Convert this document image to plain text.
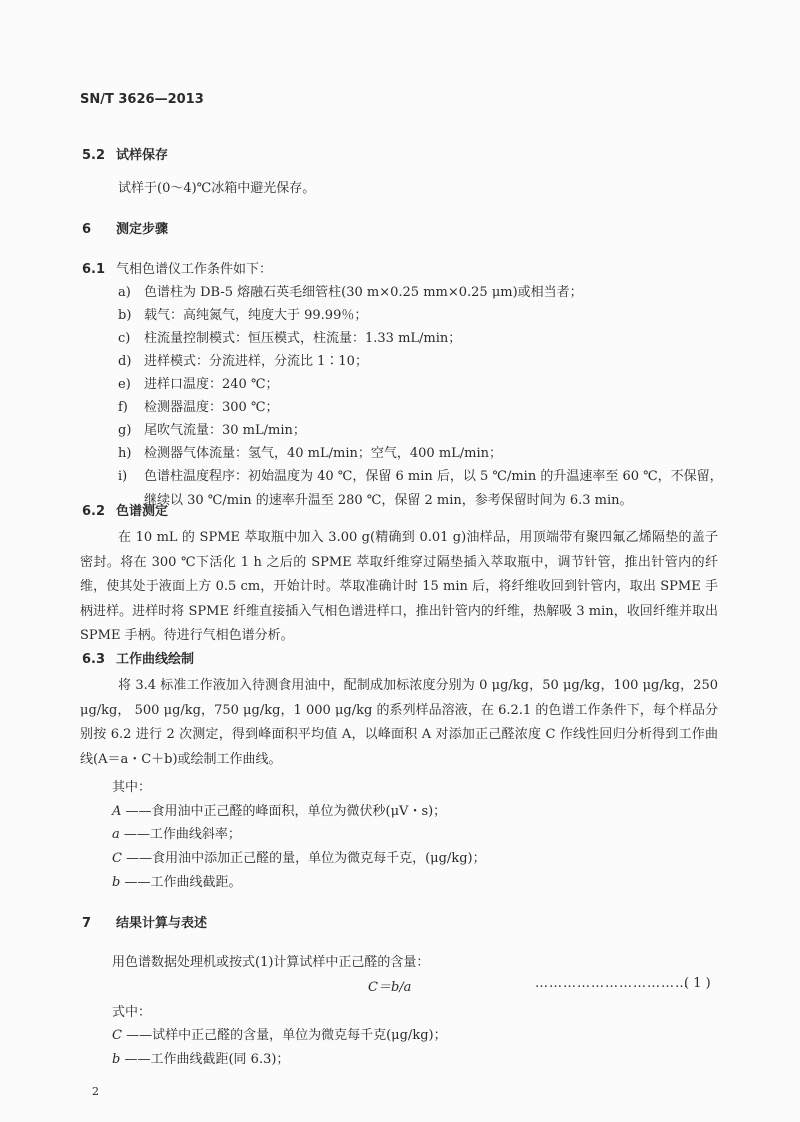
SN/T 3626—2013
5.2 试样保存
试样于(0～4)℃冰箱中避光保存。
6 测定步骤
6.1 气相色谱仪工作条件如下：
a) 色谱柱为 DB-5 熔融石英毛细管柱(30 m×0.25 mm×0.25 μm)或相当者；
b) 载气：高纯氮气，纯度大于 99.99％；
c) 柱流量控制模式：恒压模式，柱流量：1.33 mL/min；
d) 进样模式：分流进样，分流比 1∶10；
e) 进样口温度：240 ℃；
f) 检测器温度：300 ℃；
g) 尾吹气流量：30 mL/min；
h) 检测器气体流量：氢气，40 mL/min；空气，400 mL/min；
i) 色谱柱温度程序：初始温度为 40 ℃，保留 6 min 后，以 5 ℃/min 的升温速率至 60 ℃，不保留，
继续以 30 ℃/min 的速率升温至 280 ℃，保留 2 min，参考保留时间为 6.3 min。
6.2 色谱测定
在 10 mL 的 SPME 萃取瓶中加入 3.00 g(精确到 0.01 g)油样品，用顶端带有聚四氟乙烯隔垫的盖子密封。将在 300 ℃下活化 1 h 之后的 SPME 萃取纤维穿过隔垫插入萃取瓶中，调节针管，推出针管内的纤维，使其处于液面上方 0.5 cm，开始计时。萃取准确计时 15 min 后，将纤维收回到针管内，取出 SPME 手柄进样。进样时将 SPME 纤维直接插入气相色谱进样口，推出针管内的纤维，热解吸 3 min，收回纤维并取出 SPME 手柄。待进行气相色谱分析。
6.3 工作曲线绘制
将 3.4 标准工作液加入待测食用油中，配制成加标浓度分别为 0 μg/kg，50 μg/kg，100 μg/kg，250 μg/kg， 500 μg/kg，750 μg/kg，1 000 μg/kg 的系列样品溶液，在 6.2.1 的色谱工作条件下，每个样品分别按 6.2 进行 2 次测定，得到峰面积平均值 A，以峰面积 A 对添加正己醛浓度 C 作线性回归分析得到工作曲线(A＝a・C＋b)或绘制工作曲线。
其中：
A ——食用油中正己醛的峰面积，单位为微伏秒(μV・s)；
a ——工作曲线斜率；
C ——食用油中添加正己醛的量，单位为微克每千克，(μg/kg)；
b ——工作曲线截距。
7 结果计算与表述
用色谱数据处理机或按式(1)计算试样中正己醛的含量：
C＝b/a	……………………………
( 1 )
式中：
C ——试样中正己醛的含量，单位为微克每千克(μg/kg)；
b ——工作曲线截距(同 6.3)；
2
